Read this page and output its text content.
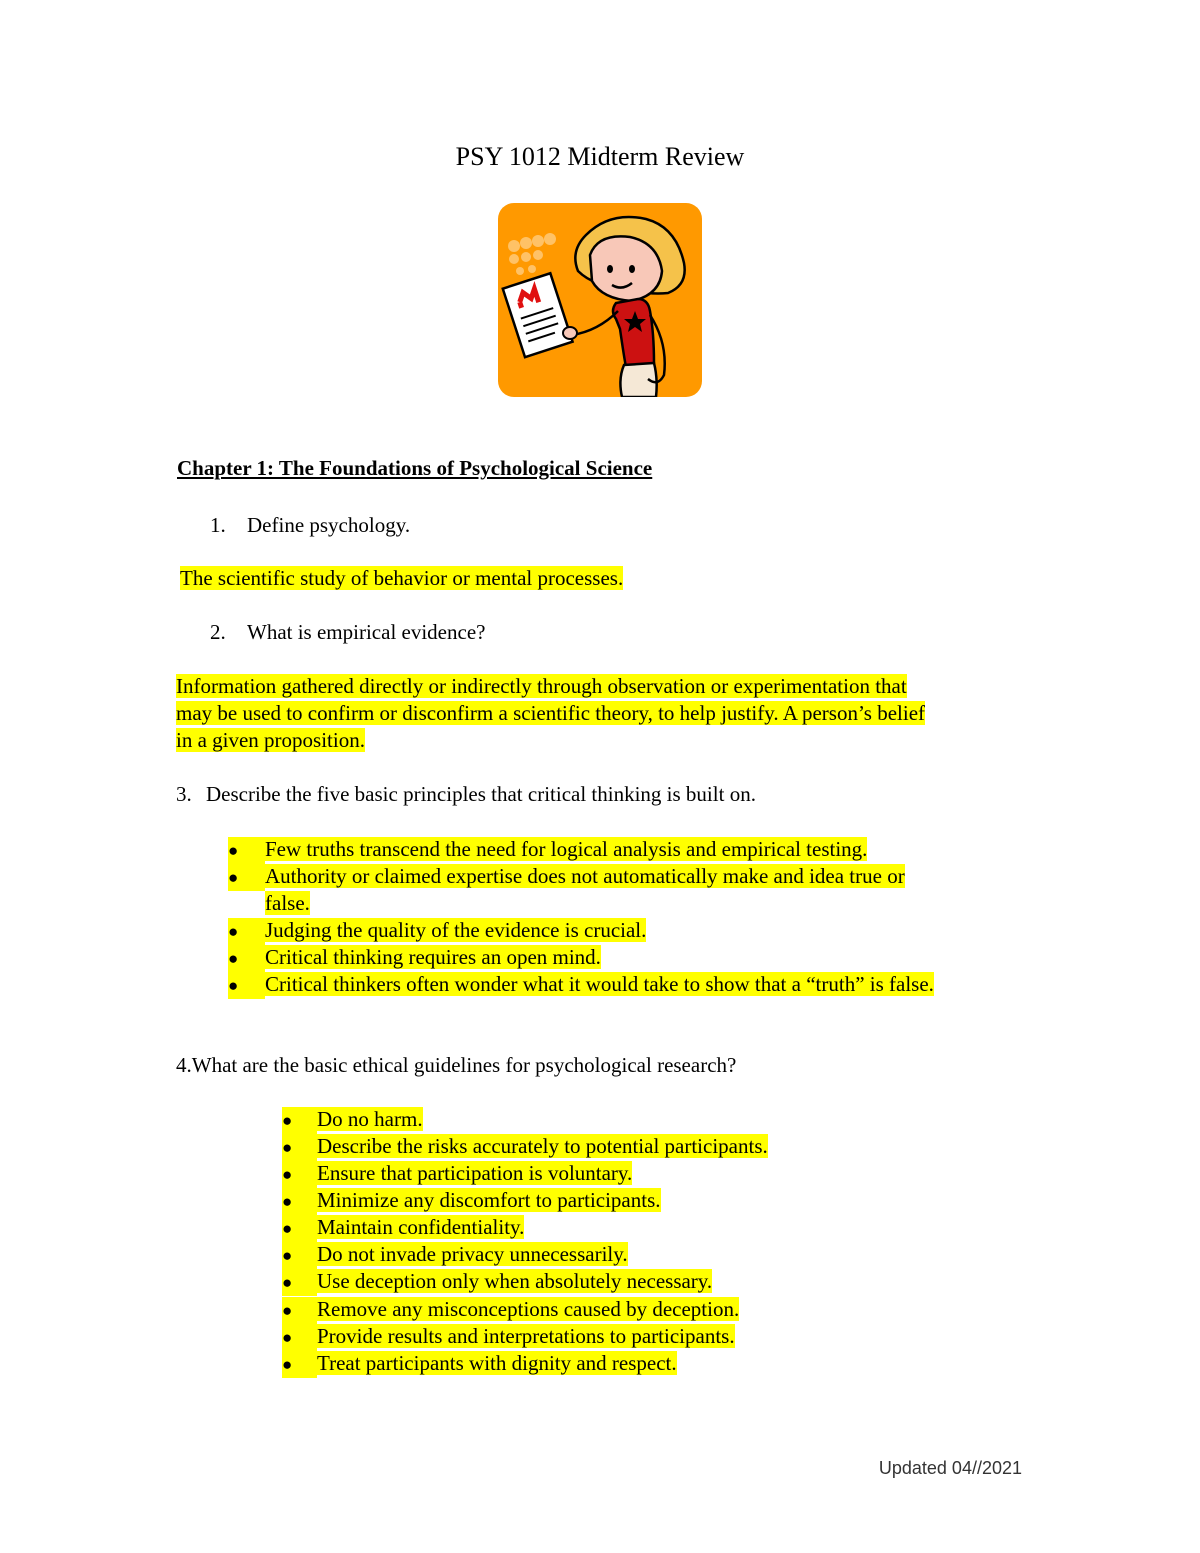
PSY 1012 Midterm Review
Chapter 1: The Foundations of Psychological Science
1. Define psychology.
The scientific study of behavior or mental processes.
2. What is empirical evidence?
Information gathered directly or indirectly through observation or experimentation that
may be used to confirm or disconfirm a scientific theory, to help justify. A person’s belief
in a given proposition.
3. Describe the five basic principles that critical thinking is built on.
● Few truths transcend the need for logical analysis and empirical testing.
● Authority or claimed expertise does not automatically make and idea true or
false.
● Judging the quality of the evidence is crucial.
● Critical thinking requires an open mind.
● Critical thinkers often wonder what it would take to show that a “truth” is false.
4.What are the basic ethical guidelines for psychological research?
● Do no harm.
● Describe the risks accurately to potential participants.
● Ensure that participation is voluntary.
● Minimize any discomfort to participants.
● Maintain confidentiality.
● Do not invade privacy unnecessarily.
● Use deception only when absolutely necessary.
● Remove any misconceptions caused by deception.
● Provide results and interpretations to participants.
● Treat participants with dignity and respect.
Updated 04//2021
